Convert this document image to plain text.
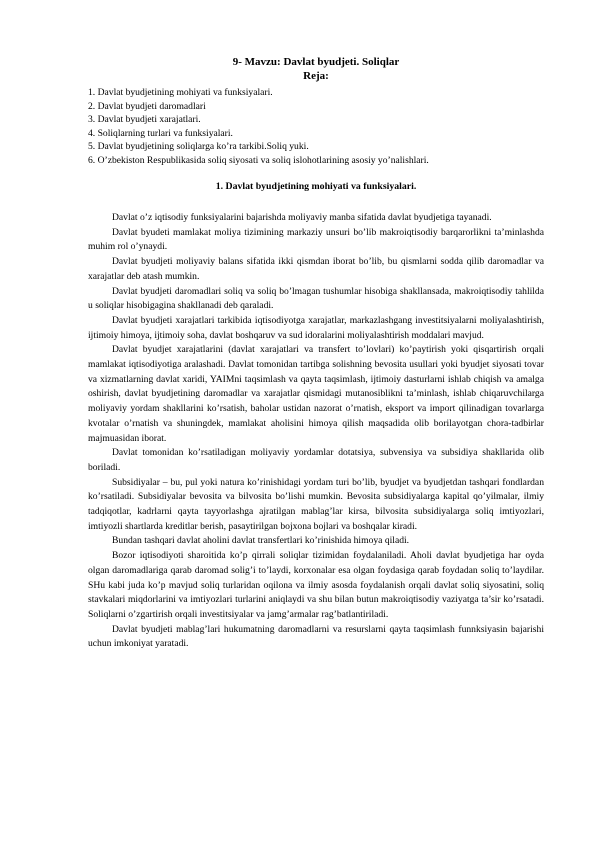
9- Mavzu: Davlat byudjeti. Soliqlar
Reja:
1. Davlat byudjetining mohiyati va funksiyalari.
2. Davlat byudjeti daromadlari
3. Davlat byudjeti xarajatlari.
4. Soliqlarning turlari va funksiyalari.
5. Davlat byudjetining soliqlarga ko’ra tarkibi.Soliq yuki.
6. O’zbekiston Respublikasida soliq siyosati va soliq islohotlarining asosiy yo’nalishlari.
1. Davlat byudjetining mohiyati va funksiyalari.

Davlat o’z iqtisodiy funksiyalarini bajarishda moliyaviy manba sifatida davlat byudjetiga tayanadi.

Davlat byudeti mamlakat moliya tizimining markaziy unsuri bo’lib makroiqtisodiy barqarorlikni ta’minlashda muhim rol o’ynaydi.

Davlat byudjeti moliyaviy balans sifatida ikki qismdan iborat bo’lib, bu qismlarni sodda qilib daromadlar va xarajatlar deb atash mumkin.

Davlat byudjeti daromadlari soliq va soliq bo’lmagan tushumlar hisobiga shakllansada, makroiqtisodiy tahlilda u soliqlar hisobigagina shakllanadi deb qaraladi.

Davlat byudjeti xarajatlari tarkibida iqtisodiyotga xarajatlar, markazlashgang investitsiyalarni moliyalashtirish, ijtimoiy himoya, ijtimoiy soha, davlat boshqaruv va sud idoralarini moliyalashtirish moddalari mavjud.

Davlat byudjet xarajatlarini (davlat xarajatlari va transfert to’lovlari) ko’paytirish yoki qisqartirish orqali mamlakat iqtisodiyotiga aralashadi. Davlat tomonidan tartibga solishning bevosita usullari yoki byudjet siyosati tovar va xizmatlarning davlat xaridi, YAIMni taqsimlash va qayta taqsimlash, ijtimoiy dasturlarni ishlab chiqish va amalga oshirish, davlat byudjetining daromadlar va xarajatlar qismidagi mutanosiblikni ta’minlash, ishlab chiqaruvchilarga moliyaviy yordam shakllarini ko’rsatish, baholar ustidan nazorat o’rnatish, eksport va import qilinadigan tovarlarga kvotalar o’rnatish va shuningdek, mamlakat aholisini himoya qilish maqsadida olib borilayotgan chora-tadbirlar majmuasidan iborat.

Davlat tomonidan ko’rsatiladigan moliyaviy yordamlar dotatsiya, subvensiya va subsidiya shakllarida olib boriladi.

Subsidiyalar – bu, pul yoki natura ko’rinishidagi yordam turi bo’lib, byudjet va byudjetdan tashqari fondlardan ko’rsatiladi. Subsidiyalar bevosita va bilvosita bo’lishi mumkin. Bevosita subsidiyalarga kapital qo’yilmalar, ilmiy tadqiqotlar, kadrlarni qayta tayyorlashga ajratilgan mablag’lar kirsa, bilvosita subsidiyalarga soliq imtiyozlari, imtiyozli shartlarda kreditlar berish, pasaytirilgan bojxona bojlari va boshqalar kiradi.

Bundan tashqari davlat aholini davlat transfertlari ko’rinishida himoya qiladi.

Bozor iqtisodiyoti sharoitida ko’p qirrali soliqlar tizimidan foydalaniladi. Aholi davlat byudjetiga har oyda olgan daromadlariga qarab daromad solig’i to’laydi, korxonalar esa olgan foydasiga qarab foydadan soliq to’laydilar. SHu kabi juda ko’p mavjud soliq turlaridan oqilona va ilmiy asosda foydalanish orqali davlat soliq siyosatini, soliq stavkalari miqdorlarini va imtiyozlari turlarini aniqlaydi va shu bilan butun makroiqtisodiy vaziyatga ta’sir ko’rsatadi. Soliqlarni o’zgartirish orqali investitsiyalar va jamg’armalar rag’batlantiriladi.

Davlat byudjeti mablag’lari hukumatning daromadlarni va resurslarni qayta taqsimlash funnksiyasin bajarishi uchun imkoniyat yaratadi.
